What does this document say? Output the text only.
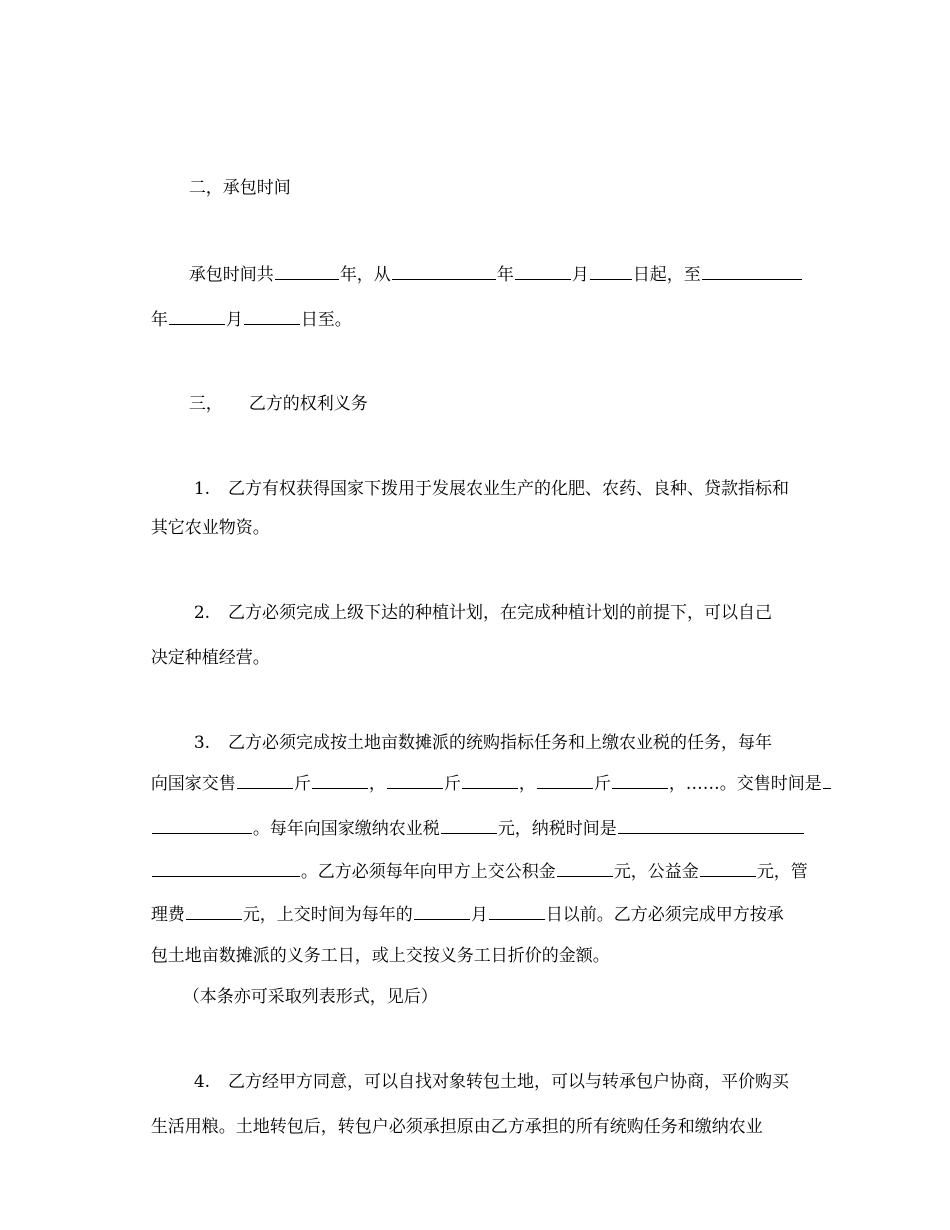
二，承包时间

承包时间共	年，从	年	月	日起，至

年	月	日至。

三， 乙方的权利义务

1. 乙方有权获得国家下拨用于发展农业生产的化肥、农药、良种、贷款指标和

其它农业物资。

2. 乙方必须完成上级下达的种植计划，在完成种植计划的前提下，可以自己

决定种植经营。

3. 乙方必须完成按土地亩数摊派的统购指标任务和上缴农业税的任务，每年

向国家交售	斤	，	斤	，	斤	，……。交售时间是

。每年向国家缴纳农业税	元，纳税时间是

。乙方必须每年向甲方上交公积金	元，公益金	元，管

理费	元，上交时间为每年的	月	日以前。乙方必须完成甲方按承

包土地亩数摊派的义务工日，或上交按义务工日折价的金额。

（本条亦可采取列表形式，见后）

4. 乙方经甲方同意，可以自找对象转包土地，可以与转承包户协商，平价购买

生活用粮。土地转包后，转包户必须承担原由乙方承担的所有统购任务和缴纳农业
